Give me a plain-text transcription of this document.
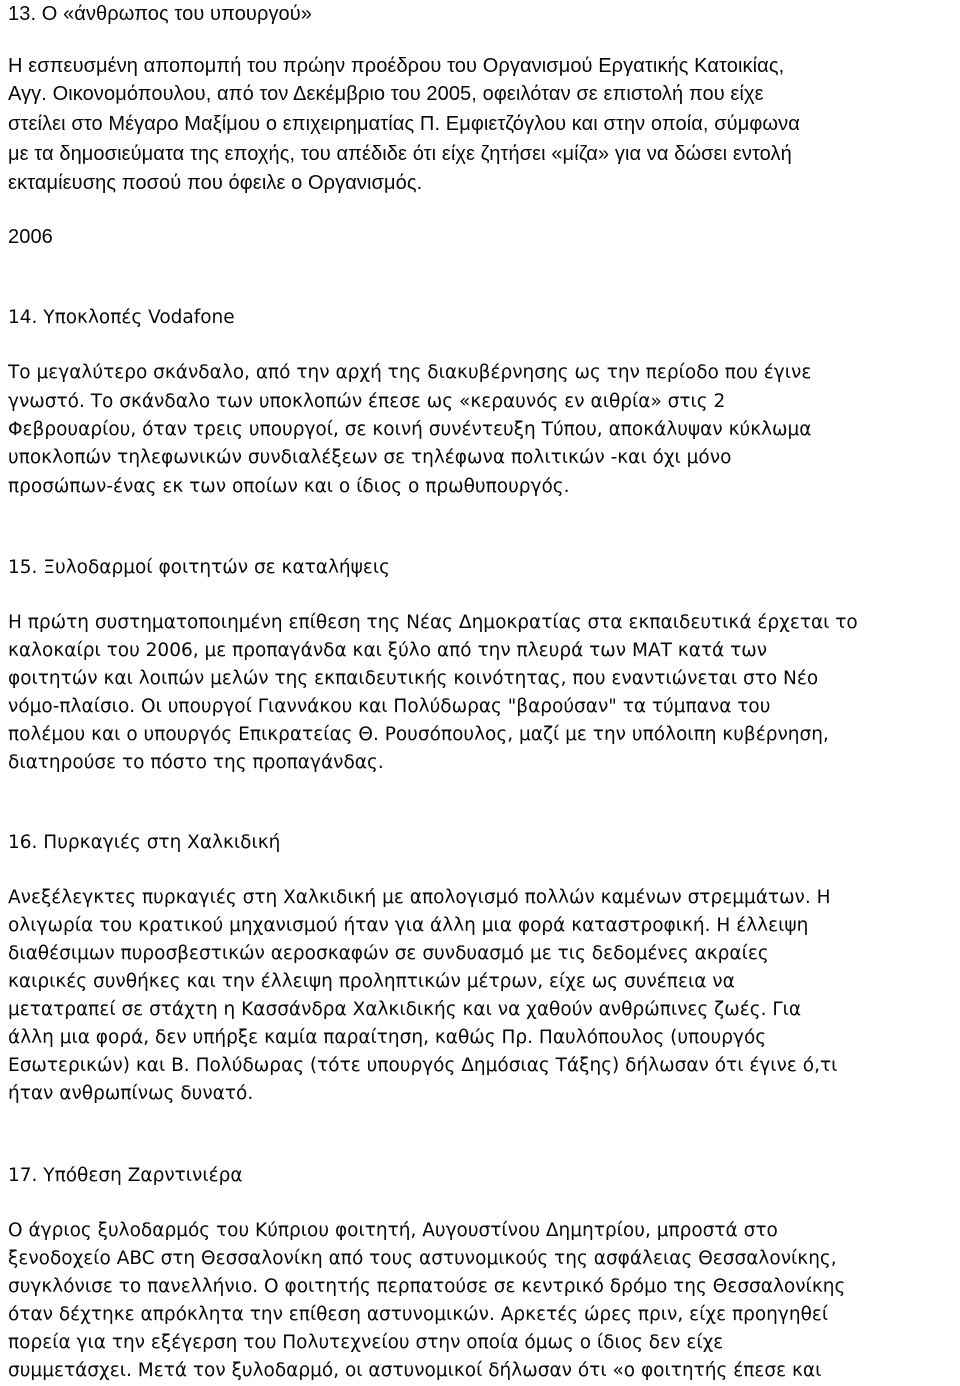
13. Ο «άνθρωπος του υπουργού»
Η εσπευσμένη αποπομπή του πρώην προέδρου του Οργανισμού Εργατικής Κατοικίας,
Αγγ. Οικονομόπουλου, από τον Δεκέμβριο του 2005, οφειλόταν σε επιστολή που είχε
στείλει στο Μέγαρο Μαξίμου ο επιχειρηματίας Π. Εμφιετζόγλου και στην οποία, σύμφωνα
με τα δημοσιεύματα της εποχής, του απέδιδε ότι είχε ζητήσει «μίζα» για να δώσει εντολή
εκταμίευσης ποσού που όφειλε ο Οργανισμός.
2006
14. Υποκλοπές Vodafone
Το μεγαλύτερο σκάνδαλο, από την αρχή της διακυβέρνησης ως την περίοδο που έγινε
γνωστό. Το σκάνδαλο των υποκλοπών έπεσε ως «κεραυνός εν αιθρία» στις 2
Φεβρουαρίου, όταν τρεις υπουργοί, σε κοινή συνέντευξη Τύπου, αποκάλυψαν κύκλωμα
υποκλοπών τηλεφωνικών συνδιαλέξεων σε τηλέφωνα πολιτικών -και όχι μόνο
προσώπων-ένας εκ των οποίων και ο ίδιος ο πρωθυπουργός.
15. Ξυλοδαρμοί φοιτητών σε καταλήψεις
Η πρώτη συστηματοποιημένη επίθεση της Νέας Δημοκρατίας στα εκπαιδευτικά έρχεται το
καλοκαίρι του 2006, με προπαγάνδα και ξύλο από την πλευρά των ΜΑΤ κατά των
φοιτητών και λοιπών μελών της εκπαιδευτικής κοινότητας, που εναντιώνεται στο Νέο
νόμο-πλαίσιο. Οι υπουργοί Γιαννάκου και Πολύδωρας "βαρούσαν" τα τύμπανα του
πολέμου και ο υπουργός Επικρατείας Θ. Ρουσόπουλος, μαζί με την υπόλοιπη κυβέρνηση,
διατηρούσε το πόστο της προπαγάνδας.
16. Πυρκαγιές στη Χαλκιδική
Ανεξέλεγκτες πυρκαγιές στη Χαλκιδική με απολογισμό πολλών καμένων στρεμμάτων. Η
ολιγωρία του κρατικού μηχανισμού ήταν για άλλη μια φορά καταστροφική. Η έλλειψη
διαθέσιμων πυροσβεστικών αεροσκαφών σε συνδυασμό με τις δεδομένες ακραίες
καιρικές συνθήκες και την έλλειψη προληπτικών μέτρων, είχε ως συνέπεια να
μετατραπεί σε στάχτη η Κασσάνδρα Χαλκιδικής και να χαθούν ανθρώπινες ζωές. Για
άλλη μια φορά, δεν υπήρξε καμία παραίτηση, καθώς Πρ. Παυλόπουλος (υπουργός
Εσωτερικών) και Β. Πολύδωρας (τότε υπουργός Δημόσιας Τάξης) δήλωσαν ότι έγινε ό,τι
ήταν ανθρωπίνως δυνατό.
17. Υπόθεση Ζαρντινιέρα
Ο άγριος ξυλοδαρμός του Κύπριου φοιτητή, Αυγουστίνου Δημητρίου, μπροστά στο
ξενοδοχείο ABC στη Θεσσαλονίκη από τους αστυνομικούς της ασφάλειας Θεσσαλονίκης,
συγκλόνισε το πανελλήνιο. Ο φοιτητής περπατούσε σε κεντρικό δρόμο της Θεσσαλονίκης
όταν δέχτηκε απρόκλητα την επίθεση αστυνομικών. Αρκετές ώρες πριν, είχε προηγηθεί
πορεία για την εξέγερση του Πολυτεχνείου στην οποία όμως ο ίδιος δεν είχε
συμμετάσχει. Μετά τον ξυλοδαρμό, οι αστυνομικοί δήλωσαν ότι «ο φοιτητής έπεσε και
